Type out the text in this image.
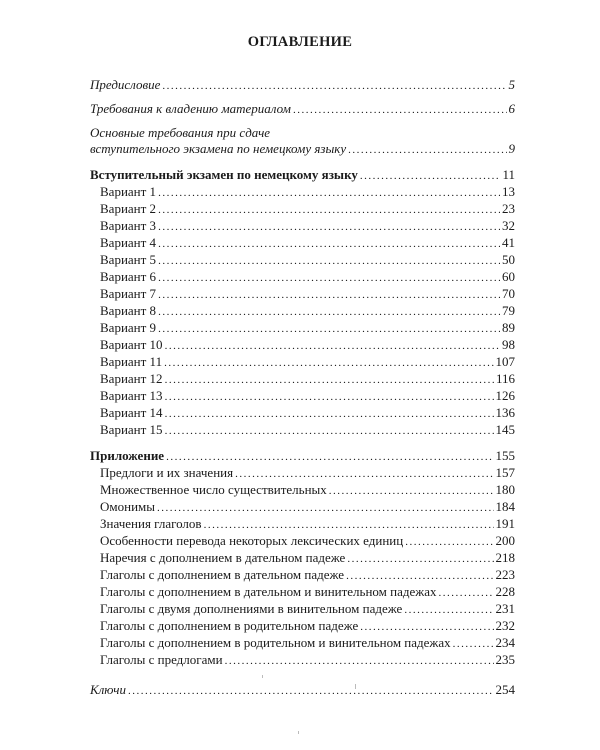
ОГЛАВЛЕНИЕ
Предисловие .....	5
Требования к владению материалом .....	6
Основные требования при сдаче
вступительного экзамена по немецкому языку .....	9
Вступительный экзамен по немецкому языку .....	11
Вариант 1 .....	13
Вариант 2 .....	23
Вариант 3 .....	32
Вариант 4 .....	41
Вариант 5 .....	50
Вариант 6 .....	60
Вариант 7 .....	70
Вариант 8 .....	79
Вариант 9 .....	89
Вариант 10 .....	98
Вариант 11 .....	107
Вариант 12 .....	116
Вариант 13 .....	126
Вариант 14 .....	136
Вариант 15 .....	145
Приложение .....	155
Предлоги и их значения .....	157
Множественное число существительных .....	180
Омонимы .....	184
Значения глаголов .....	191
Особенности перевода некоторых лексических единиц .....	200
Наречия с дополнением в дательном падеже .....	218
Глаголы с дополнением в дательном падеже .....	223
Глаголы с дополнением в дательном и винительном падежах .....	228
Глаголы с двумя дополнениями в винительном падеже .....	231
Глаголы с дополнением в родительном падеже .....	232
Глаголы с дополнением в родительном и винительном падежах .....	234
Глаголы с предлогами .....	235
Ключи .....	254
